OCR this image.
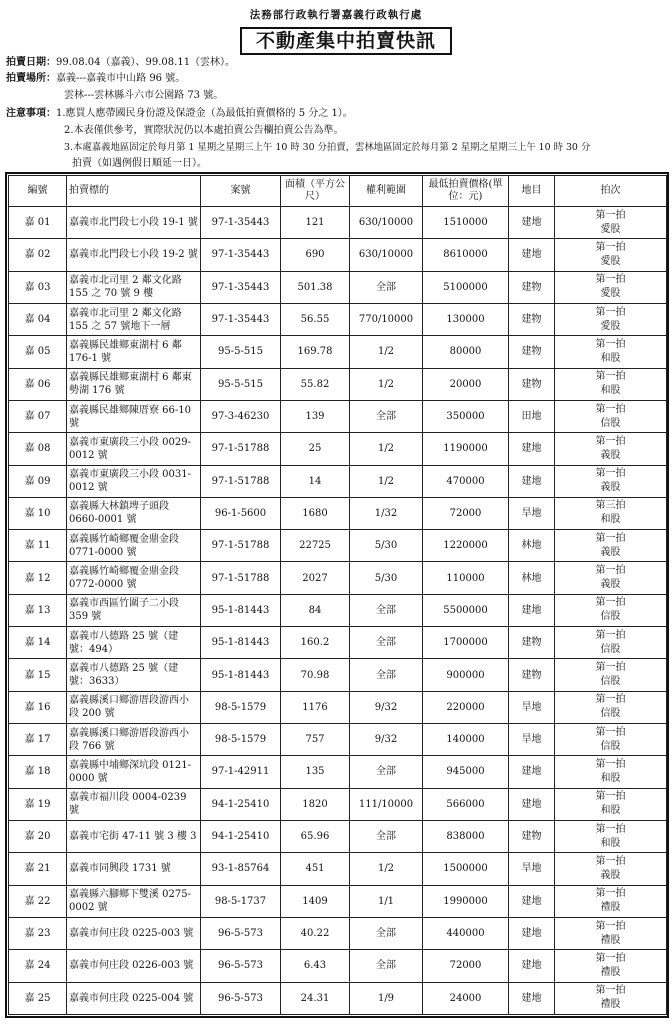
法務部行政執行署嘉義行政執行處
不動產集中拍賣快訊
拍賣日期：99.08.04（嘉義）、99.08.11（雲林）。
拍賣場所：嘉義---嘉義市中山路 96 號。
雲林---雲林縣斗六市公園路 73 號。
注意事項：1.應買人應帶國民身份證及保證金（為最低拍賣價格的 5 分之 1）。
2.本表僅供參考，實際狀況仍以本處拍賣公告欄拍賣公告為準。
3.本處嘉義地區固定於每月第 1 星期之星期三上午 10 時 30 分拍賣，雲林地區固定於每月第 2 星期之星期三上午 10 時 30 分
拍賣（如遇例假日順延一日）。
編號	拍賣標的	案號	面積（平方公尺）	權利範圍	最低拍賣價格(單位：元)	地目	拍次
嘉 01	嘉義市北門段七小段 19-1 號	97-1-35443	121	630/10000	1510000	建地	第一拍
愛股

嘉 02	嘉義市北門段七小段 19-2 號	97-1-35443	690	630/10000	8610000	建地	第一拍
愛股

嘉 03	嘉義市北司里 2 鄰文化路 155 之 70 號 9 樓	97-1-35443	501.38	全部	5100000	建物	第一拍
愛股

嘉 04	嘉義市北司里 2 鄰文化路 155 之 57 號地下一層	97-1-35443	56.55	770/10000	130000	建物	第一拍
愛股

嘉 05	嘉義縣民雄鄉東湖村 6 鄰 176-1 號	95-5-515	169.78	1/2	80000	建物	第一拍
和股

嘉 06	嘉義縣民雄鄉東湖村 6 鄰東勢湖 176 號	95-5-515	55.82	1/2	20000	建物	第一拍
和股

嘉 07	嘉義縣民雄鄉陳厝寮 66-10 號	97-3-46230	139	全部	350000	田地	第一拍
信股

嘉 08	嘉義市東廣段三小段 0029-0012 號	97-1-51788	25	1/2	1190000	建地	第一拍
義股

嘉 09	嘉義市東廣段三小段 0031-0012 號	97-1-51788	14	1/2	470000	建地	第一拍
義股

嘉 10	嘉義縣大林鎮埤子頭段 0660-0001 號	96-1-5600	1680	1/32	72000	旱地	第三拍
和股

嘉 11	嘉義縣竹崎鄉覆金鼎金段 0771-0000 號	97-1-51788	22725	5/30	1220000	林地	第一拍
義股

嘉 12	嘉義縣竹崎鄉覆金鼎金段 0772-0000 號	97-1-51788	2027	5/30	110000	林地	第一拍
義股

嘉 13	嘉義市西區竹圍子二小段 359 號	95-1-81443	84	全部	5500000	建地	第一拍
信股

嘉 14	嘉義市八德路 25 號（建號：494）	95-1-81443	160.2	全部	1700000	建物	第一拍
信股

嘉 15	嘉義市八德路 25 號（建號：3633）	95-1-81443	70.98	全部	900000	建物	第一拍
信股

嘉 16	嘉義縣溪口鄉游厝段游西小段 200 號	98-5-1579	1176	9/32	220000	旱地	第一拍
信股

嘉 17	嘉義縣溪口鄉游厝段游西小段 766 號	98-5-1579	757	9/32	140000	旱地	第一拍
信股

嘉 18	嘉義縣中埔鄉深坑段 0121-0000 號	97-1-42911	135	全部	945000	建地	第一拍
和股

嘉 19	嘉義市福川段 0004-0239 號	94-1-25410	1820	111/10000	566000	建地	第一拍
和股

嘉 20	嘉義市宅街 47-11 號 3 樓 3	94-1-25410	65.96	全部	838000	建物	第一拍
和股

嘉 21	嘉義市同興段 1731 號	93-1-85764	451	1/2	1500000	旱地	第一拍
義股

嘉 22	嘉義縣六腳鄉下雙溪 0275-0002 號	98-5-1737	1409	1/1	1990000	建地	第一拍
禮股

嘉 23	嘉義市何庄段 0225-003 號	96-5-573	40.22	全部	440000	建地	第一拍
禮股

嘉 24	嘉義市何庄段 0226-003 號	96-5-573	6.43	全部	72000	建地	第一拍
禮股

嘉 25	嘉義市何庄段 0225-004 號	96-5-573	24.31	1/9	24000	建地	第一拍
禮股
